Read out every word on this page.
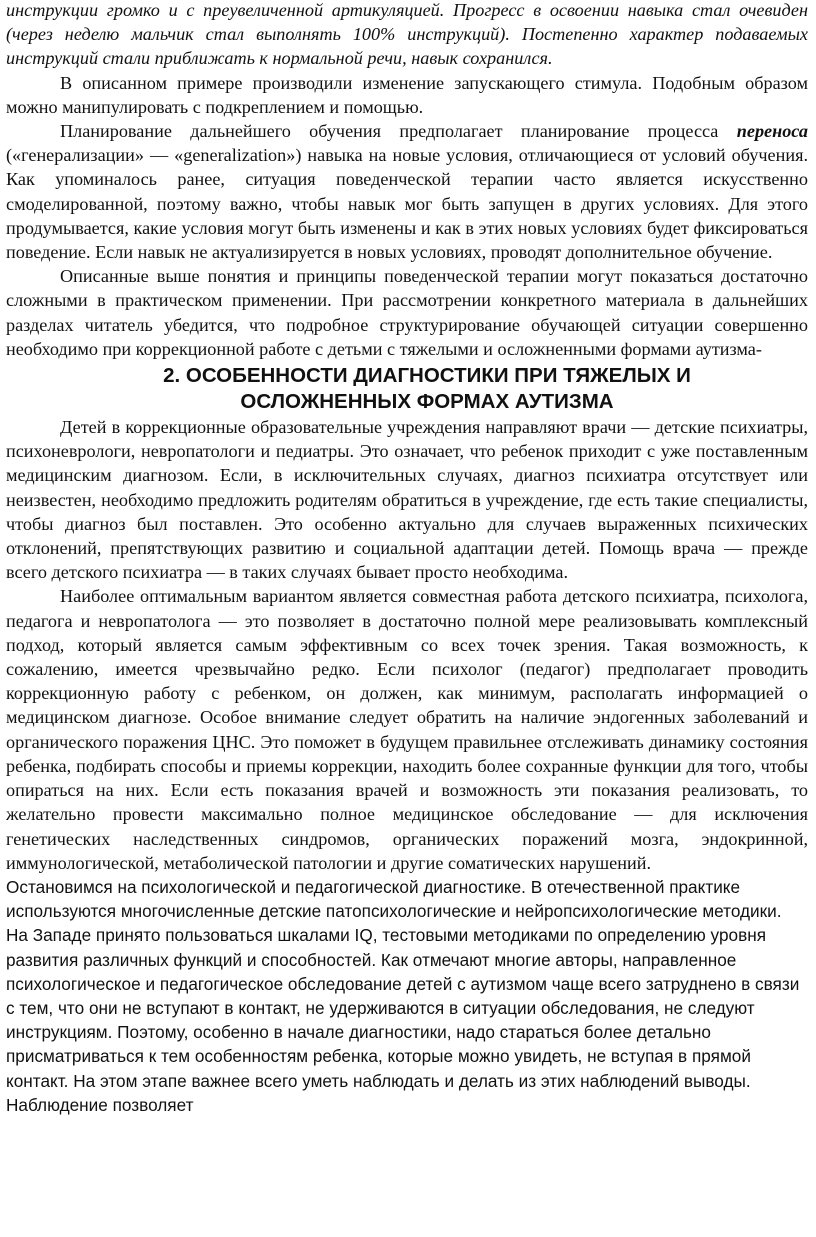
инструкции громко и с преувеличенной артикуляцией. Прогресс в освоении навыка стал очевиден (через неделю мальчик стал выполнять 100% инструкций). Постепенно характер подаваемых инструкций стали приближать к нормальной речи, навык сохранился.

В описанном примере производили изменение запускающего стимула. Подобным образом можно манипулировать с подкреплением и помощью.

Планирование дальнейшего обучения предполагает планирование процесса переноса («генерализации» — «generalization») навыка на новые условия, отличающиеся от условий обучения. Как упоминалось ранее, ситуация поведенческой терапии часто является искусственно смоделированной, поэтому важно, чтобы навык мог быть запущен в других условиях. Для этого продумывается, какие условия могут быть изменены и как в этих новых условиях будет фиксироваться поведение. Если навык не актуализируется в новых условиях, проводят дополнительное обучение.

Описанные выше понятия и принципы поведенческой терапии могут показаться достаточно сложными в практическом применении. При рассмотрении конкретного материала в дальнейших разделах читатель убедится, что подробное структурирование обучающей ситуации совершенно необходимо при коррекционной работе с детьми с тяжелыми и осложненными формами аутизма-

2. ОСОБЕННОСТИ ДИАГНОСТИКИ ПРИ ТЯЖЕЛЫХ И
ОСЛОЖНЕННЫХ ФОРМАХ АУТИЗМА

Детей в коррекционные образовательные учреждения направляют врачи — детские психиатры, психоневрологи, невропатологи и педиатры. Это означает, что ребенок приходит с уже поставленным медицинским диагнозом. Если, в исключительных случаях, диагноз психиатра отсутствует или неизвестен, необходимо предложить родителям обратиться в учреждение, где есть такие специалисты, чтобы диагноз был поставлен. Это особенно актуально для случаев выраженных психических отклонений, препятствующих развитию и социальной адаптации детей. Помощь врача — прежде всего детского психиатра — в таких случаях бывает просто необходима.

Наиболее оптимальным вариантом является совместная работа детского психиатра, психолога, педагога и невропатолога — это позволяет в достаточно полной мере реализовывать комплексный подход, который является самым эффективным со всех точек зрения. Такая возможность, к сожалению, имеется чрезвычайно редко. Если психолог (педагог) предполагает проводить коррекционную работу с ребенком, он должен, как минимум, располагать информацией о медицинском диагнозе. Особое внимание следует обратить на наличие эндогенных заболеваний и органического поражения ЦНС. Это поможет в будущем правильнее отслеживать динамику состояния ребенка, подбирать способы и приемы коррекции, находить более сохранные функции для того, чтобы опираться на них. Если есть показания врачей и возможность эти показания реализовать, то желательно провести максимально полное медицинское обследование — для исключения генетических наследственных синдромов, органических поражений мозга, эндокринной, иммунологической, метаболической патологии и другие соматических нарушений.

Остановимся на психологической и педагогической диагностике. В отечественной практике используются многочисленные детские патопсихологические и нейропсихологические методики. На Западе принято пользоваться шкалами IQ, тестовыми методиками по определению уровня развития различных функций и способностей. Как отмечают многие авторы, направленное психологическое и педагогическое обследование детей с аутизмом чаще всего затруднено в связи с тем, что они не вступают в контакт, не удерживаются в ситуации обследования, не следуют инструкциям. Поэтому, особенно в начале диагностики, надо стараться более детально присматриваться к тем особенностям ребенка, которые можно увидеть, не вступая в прямой контакт. На этом этапе важнее всего уметь наблюдать и делать из этих наблюдений выводы. Наблюдение позволяет
